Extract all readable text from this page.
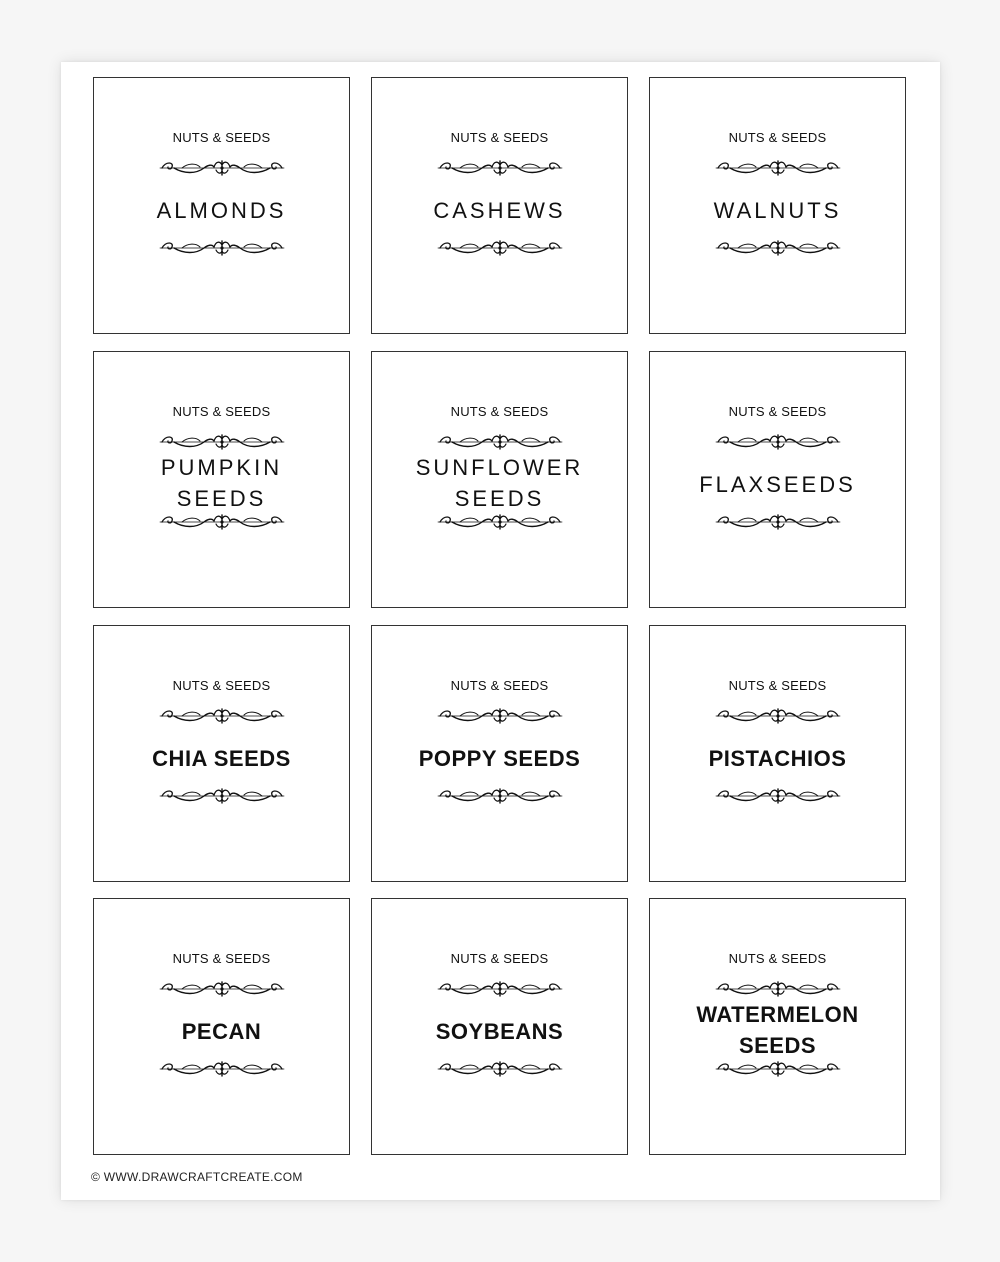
NUTS & SEEDS
ALMONDS
NUTS & SEEDS
CASHEWS
NUTS & SEEDS
WALNUTS
NUTS & SEEDS
PUMPKIN
SEEDS
NUTS & SEEDS
SUNFLOWER
SEEDS
NUTS & SEEDS
FLAXSEEDS
NUTS & SEEDS
CHIA SEEDS
NUTS & SEEDS
POPPY SEEDS
NUTS & SEEDS
PISTACHIOS
NUTS & SEEDS
PECAN
NUTS & SEEDS
SOYBEANS
NUTS & SEEDS
WATERMELON
SEEDS
© WWW.DRAWCRAFTCREATE.COM
